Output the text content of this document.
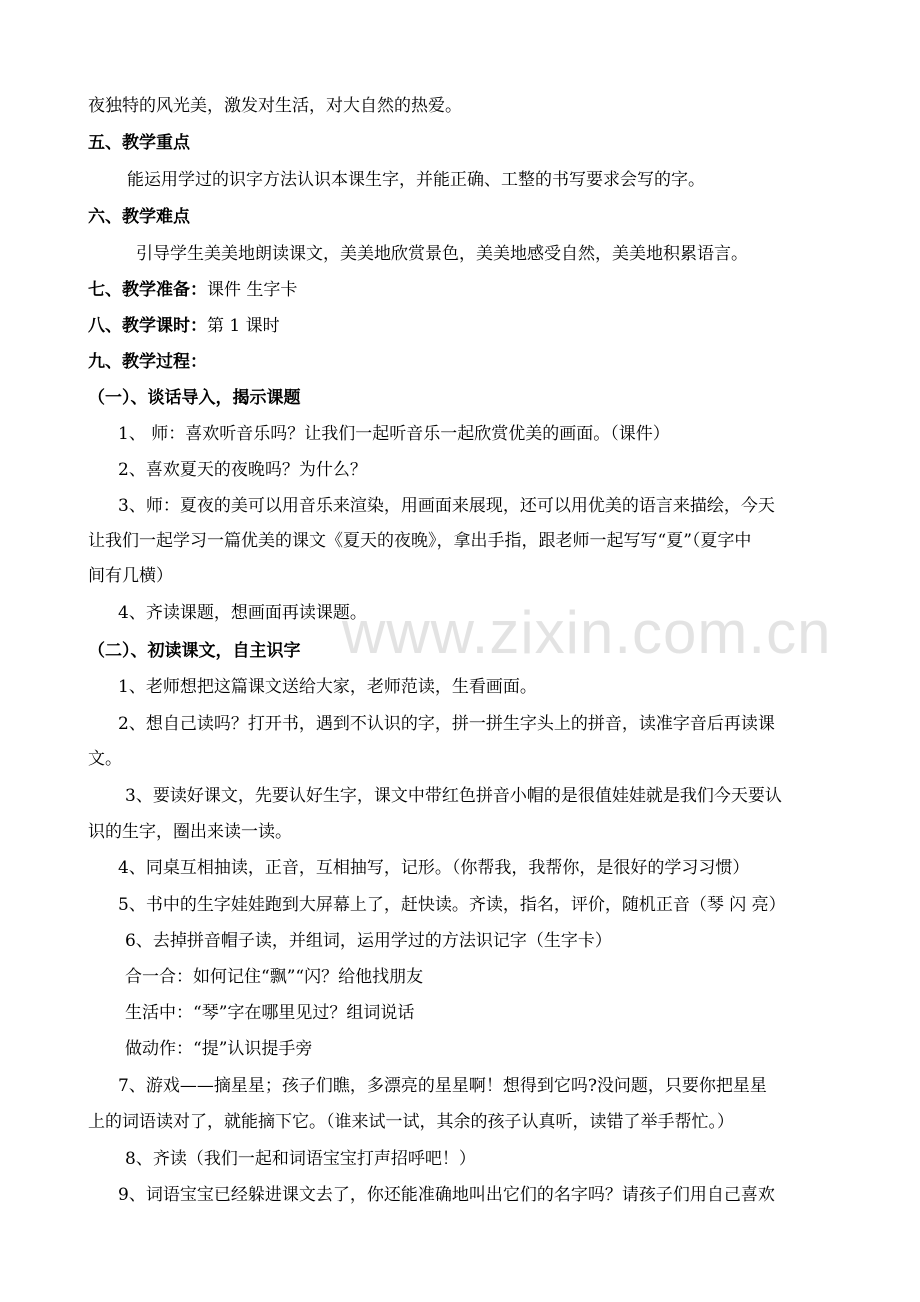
www.zixin.com.cn
夜独特的风光美，激发对生活，对大自然的热爱。
五、教学重点
能运用学过的识字方法认识本课生字，并能正确、工整的书写要求会写的字。
六、教学难点
引导学生美美地朗读课文，美美地欣赏景色，美美地感受自然，美美地积累语言。
七、教学准备：课件 生字卡
八、教学课时：第 1 课时
九、教学过程：
（一）、谈话导入，揭示课题
1、 师：喜欢听音乐吗？让我们一起听音乐一起欣赏优美的画面。（课件）
2、喜欢夏天的夜晚吗？为什么？
3、师：夏夜的美可以用音乐来渲染，用画面来展现，还可以用优美的语言来描绘，今天
让我们一起学习一篇优美的课文《夏天的夜晚》，拿出手指，跟老师一起写写“夏”（夏字中
间有几横）
4、齐读课题，想画面再读课题。
（二）、初读课文，自主识字
1、老师想把这篇课文送给大家，老师范读，生看画面。
2、想自己读吗？打开书，遇到不认识的字，拼一拼生字头上的拼音，读准字音后再读课
文。
3、要读好课文，先要认好生字，课文中带红色拼音小帽的是很值娃娃就是我们今天要认
识的生字，圈出来读一读。
4、同桌互相抽读，正音，互相抽写，记形。（你帮我，我帮你，是很好的学习习惯）
5、书中的生字娃娃跑到大屏幕上了，赶快读。齐读，指名，评价，随机正音（琴 闪 亮）
6、去掉拼音帽子读，并组词，运用学过的方法识记字（生字卡）
合一合：如何记住“飘”“闪？给他找朋友
生活中：“琴”字在哪里见过？组词说话
做动作：“提”认识提手旁
7、游戏——摘星星；孩子们瞧，多漂亮的星星啊！想得到它吗?没问题，只要你把星星
上的词语读对了，就能摘下它。（谁来试一试，其余的孩子认真听，读错了举手帮忙。）
8、齐读（我们一起和词语宝宝打声招呼吧！）
9、词语宝宝已经躲进课文去了，你还能准确地叫出它们的名字吗？请孩子们用自己喜欢
